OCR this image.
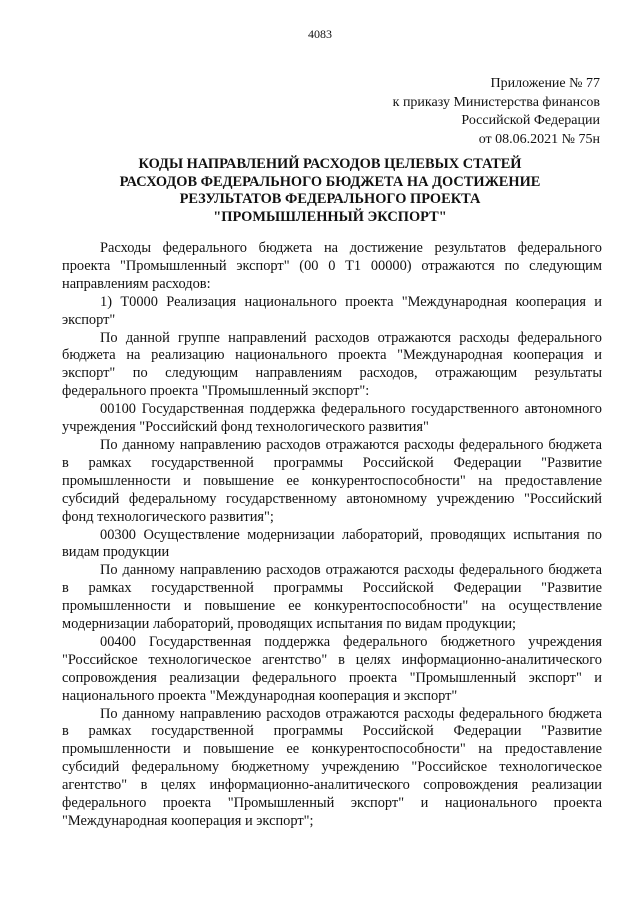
4083
Приложение № 77
к приказу Министерства финансов
Российской Федерации
от 08.06.2021 № 75н
КОДЫ НАПРАВЛЕНИЙ РАСХОДОВ ЦЕЛЕВЫХ СТАТЕЙ
РАСХОДОВ ФЕДЕРАЛЬНОГО БЮДЖЕТА НА ДОСТИЖЕНИЕ
РЕЗУЛЬТАТОВ ФЕДЕРАЛЬНОГО ПРОЕКТА
"ПРОМЫШЛЕННЫЙ ЭКСПОРТ"

Расходы федерального бюджета на достижение результатов федерального проекта "Промышленный экспорт" (00 0 Т1 00000) отражаются по следующим направлениям расходов:

1) Т0000 Реализация национального проекта "Международная кооперация и экспорт"

По данной группе направлений расходов отражаются расходы федерального бюджета на реализацию национального проекта "Международная кооперация и экспорт" по следующим направлениям расходов, отражающим результаты федерального проекта "Промышленный экспорт":

00100 Государственная поддержка федерального государственного автономного учреждения "Российский фонд технологического развития"

По данному направлению расходов отражаются расходы федерального бюджета в рамках государственной программы Российской Федерации "Развитие промышленности и повышение ее конкурентоспособности" на предоставление субсидий федеральному государственному автономному учреждению "Российский фонд технологического развития";

00300 Осуществление модернизации лабораторий, проводящих испытания по видам продукции

По данному направлению расходов отражаются расходы федерального бюджета в рамках государственной программы Российской Федерации "Развитие промышленности и повышение ее конкурентоспособности" на осуществление модернизации лабораторий, проводящих испытания по видам продукции;

00400 Государственная поддержка федерального бюджетного учреждения "Российское технологическое агентство" в целях информационно-аналитического сопровождения реализации федерального проекта "Промышленный экспорт" и национального проекта "Международная кооперация и экспорт"

По данному направлению расходов отражаются расходы федерального бюджета в рамках государственной программы Российской Федерации "Развитие промышленности и повышение ее конкурентоспособности" на предоставление субсидий федеральному бюджетному учреждению "Российское технологическое агентство" в целях информационно-аналитического сопровождения реализации федерального проекта "Промышленный экспорт" и национального проекта "Международная кооперация и экспорт";
